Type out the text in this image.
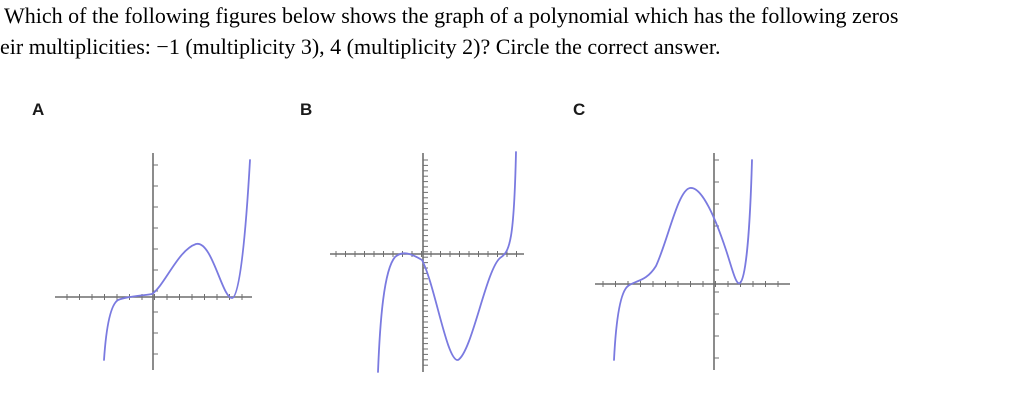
Which of the following figures below shows the graph of a polynomial which has the following zeros
eir multiplicities: −1 (multiplicity 3), 4 (multiplicity 2)? Circle the correct answer.
A	B	C
